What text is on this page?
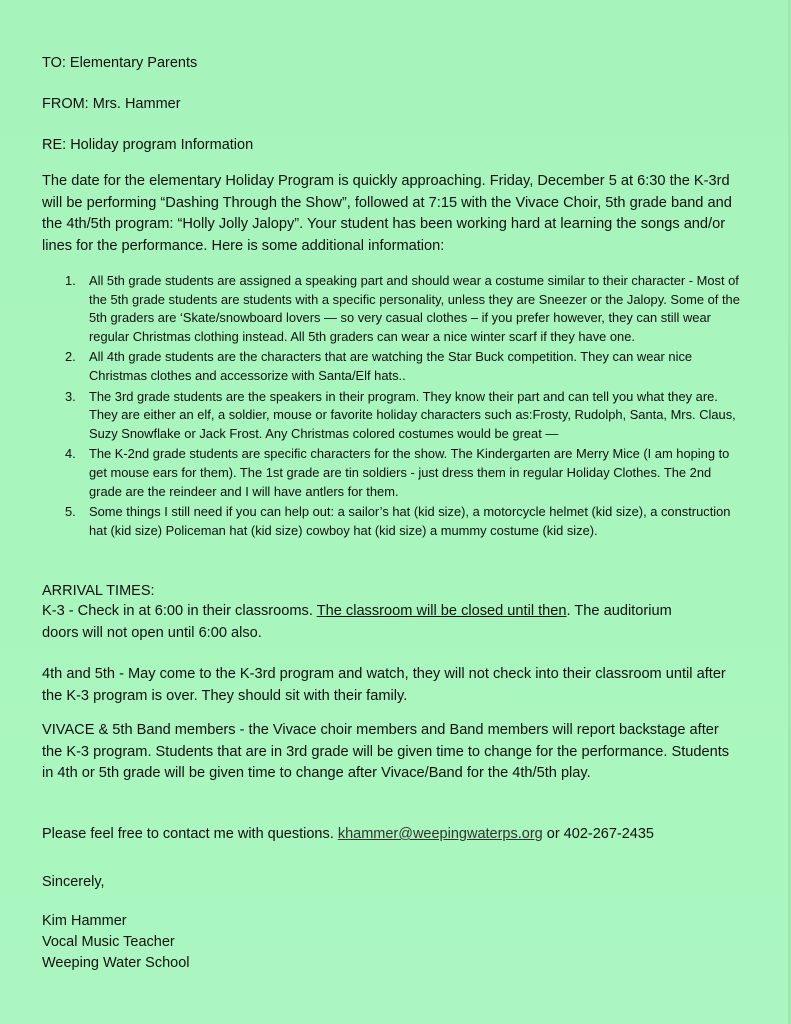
TO: Elementary Parents
FROM: Mrs. Hammer
RE: Holiday program Information
The date for the elementary Holiday Program is quickly approaching. Friday, December 5 at 6:30 the K-3rd will be performing “Dashing Through the Show”, followed at 7:15 with the Vivace Choir, 5th grade band and the 4th/5th program: “Holly Jolly Jalopy”. Your student has been working hard at learning the songs and/or lines for the performance. Here is some additional information:
1. All 5th grade students are assigned a speaking part and should wear a costume similar to their character - Most of the 5th grade students are students with a specific personality, unless they are Sneezer or the Jalopy. Some of the 5th graders are ‘Skate/snowboard lovers — so very casual clothes – if you prefer however, they can still wear regular Christmas clothing instead. All 5th graders can wear a nice winter scarf if they have one.
2. All 4th grade students are the characters that are watching the Star Buck competition. They can wear nice Christmas clothes and accessorize with Santa/Elf hats..
3. The 3rd grade students are the speakers in their program. They know their part and can tell you what they are. They are either an elf, a soldier, mouse or favorite holiday characters such as:Frosty, Rudolph, Santa, Mrs. Claus, Suzy Snowflake or Jack Frost. Any Christmas colored costumes would be great —
4. The K-2nd grade students are specific characters for the show. The Kindergarten are Merry Mice (I am hoping to get mouse ears for them). The 1st grade are tin soldiers - just dress them in regular Holiday Clothes. The 2nd grade are the reindeer and I will have antlers for them.
5. Some things I still need if you can help out: a sailor’s hat (kid size), a motorcycle helmet (kid size), a construction hat (kid size) Policeman hat (kid size) cowboy hat (kid size) a mummy costume (kid size).
ARRIVAL TIMES:
K-3 - Check in at 6:00 in their classrooms. The classroom will be closed until then. The auditorium doors will not open until 6:00 also.
4th and 5th - May come to the K-3rd program and watch, they will not check into their classroom until after the K-3 program is over. They should sit with their family.
VIVACE & 5th Band members - the Vivace choir members and Band members will report backstage after the K-3 program. Students that are in 3rd grade will be given time to change for the performance. Students in 4th or 5th grade will be given time to change after Vivace/Band for the 4th/5th play.
Please feel free to contact me with questions. khammer@weepingwaterps.org or 402-267-2435
Sincerely,
Kim Hammer
Vocal Music Teacher
Weeping Water School
